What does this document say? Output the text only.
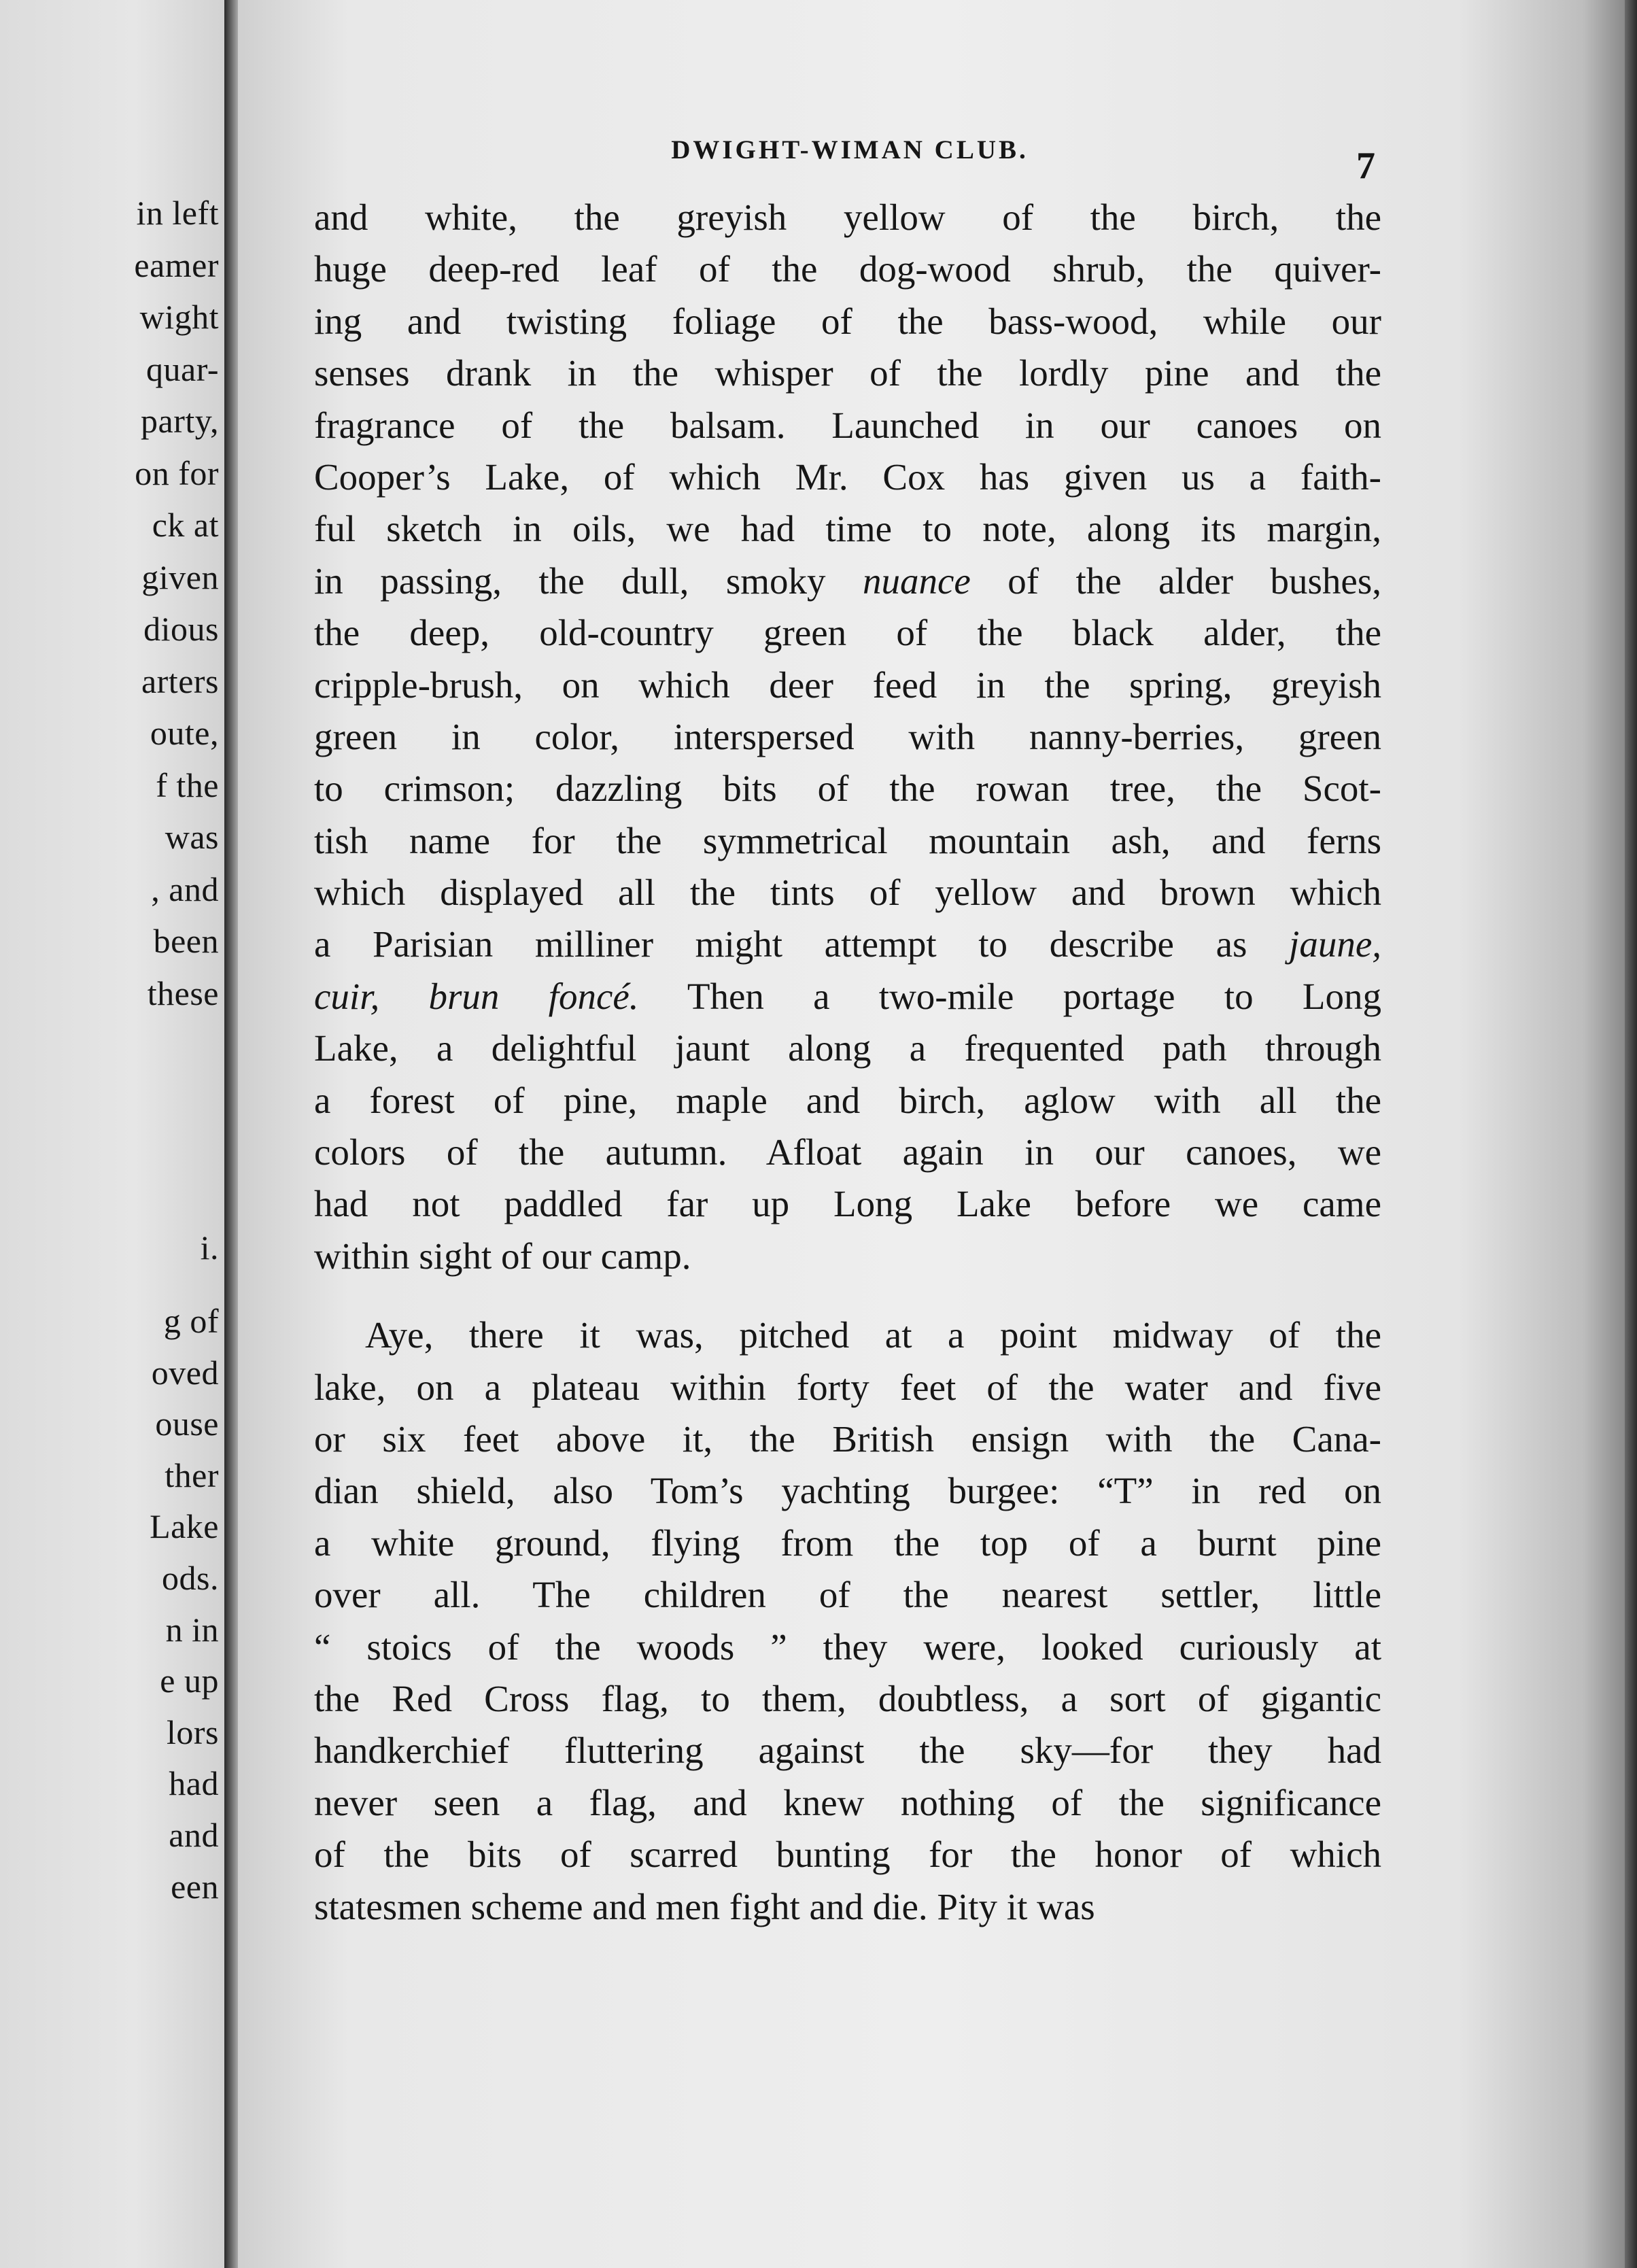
in left
eamer
wight
quar-
party,
on for
ck at
given
dious
arters
oute,
f the
was
, and
been
these
i.
g of
oved
ouse
ther
Lake
ods.
n in
e up
lors
had
and
een
DWIGHT-WIMAN CLUB.	7
and white, the greyish yellow of the birch, the
huge deep-red leaf of the dog-wood shrub, the quiver-
ing and twisting foliage of the bass-wood, while our
senses drank in the whisper of the lordly pine and the
fragrance of the balsam. Launched in our canoes on
Cooper’s Lake, of which Mr. Cox has given us a faith-
ful sketch in oils, we had time to note, along its margin,
in passing, the dull, smoky nuance of the alder bushes,
the deep, old-country green of the black alder, the
cripple-brush, on which deer feed in the spring, greyish
green in color, interspersed with nanny-berries, green
to crimson; dazzling bits of the rowan tree, the Scot-
tish name for the symmetrical mountain ash, and ferns
which displayed all the tints of yellow and brown which
a Parisian milliner might attempt to describe as jaune,
cuir, brun foncé. Then a two-mile portage to Long
Lake, a delightful jaunt along a frequented path through
a forest of pine, maple and birch, aglow with all the
colors of the autumn. Afloat again in our canoes, we
had not paddled far up Long Lake before we came
within sight of our camp.
Aye, there it was, pitched at a point midway of the
lake, on a plateau within forty feet of the water and five
or six feet above it, the British ensign with the Cana-
dian shield, also Tom’s yachting burgee: “T” in red on
a white ground, flying from the top of a burnt pine
over all. The children of the nearest settler, little
“ stoics of the woods ” they were, looked curiously at
the Red Cross flag, to them, doubtless, a sort of gigantic
handkerchief fluttering against the sky—for they had
never seen a flag, and knew nothing of the significance
of the bits of scarred bunting for the honor of which
statesmen scheme and men fight and die. Pity it was
